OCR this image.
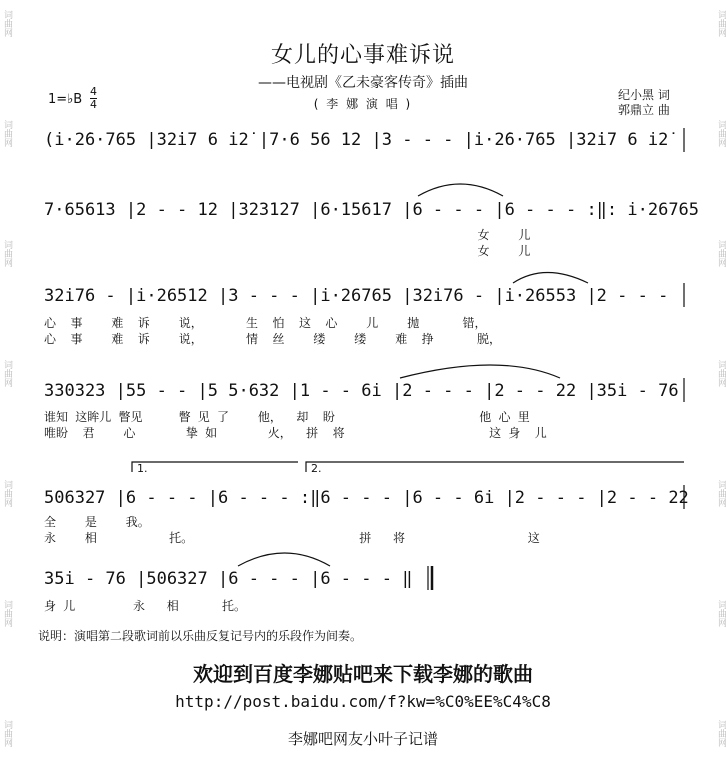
词曲网
词曲网
词曲网
词曲网
词曲网
词曲网
词曲网
词曲网
词曲网
词曲网
词曲网
词曲网
词曲网
词曲网
女儿的心事难诉说
——电视剧《乙未豪客传奇》插曲
( 李 娜 演 唱 )
纪小黑 词
郭鼎立 曲
1=♭B
4
4
1.	2.
(i·2̇6·765 |32̇i7 6 i2̇ |7·6 56 12 |3 - - - |i·2̇6·765 |32̇i7 6 i2̇
7·65613 |2 - - 12 |323127 |6·15617 |6 - - - |6 - - - :‖: i·26765
女    儿
女    儿
32i76 - |i·26512 |3 - - - |i·26765 |32i76 - |i·26553 |2 - - -
心  事    难  诉    说，      生  怕  这  心    儿    抛      错，
心  事    难  诉    说，      情  丝    缕    缕    难  挣      脱，
330323 |55 - - |5 5·632 |1 - - 6i |2 - - - |2 - - 22 |35i - 76
谁知 这眸儿 瞥见     瞥 见 了    他，  却  盼                    他 心 里
唯盼  君    心       挚 如       火，  拼  将                    这 身  儿
506327 |6 - - - |6 - - - :‖6 - - - |6 - - 6i |2 - - - |2 - - 22
全    是    我。
永    相          托。                       拼   将                 这
35i - 76 |506327 |6 - - - |6 - - - ‖
身 儿        永   相      托。
说明：演唱第二段歌词前以乐曲反复记号内的乐段作为间奏。
欢迎到百度李娜贴吧来下载李娜的歌曲
http://post.baidu.com/f?kw=%C0%EE%C4%C8
李娜吧网友小叶子记谱
